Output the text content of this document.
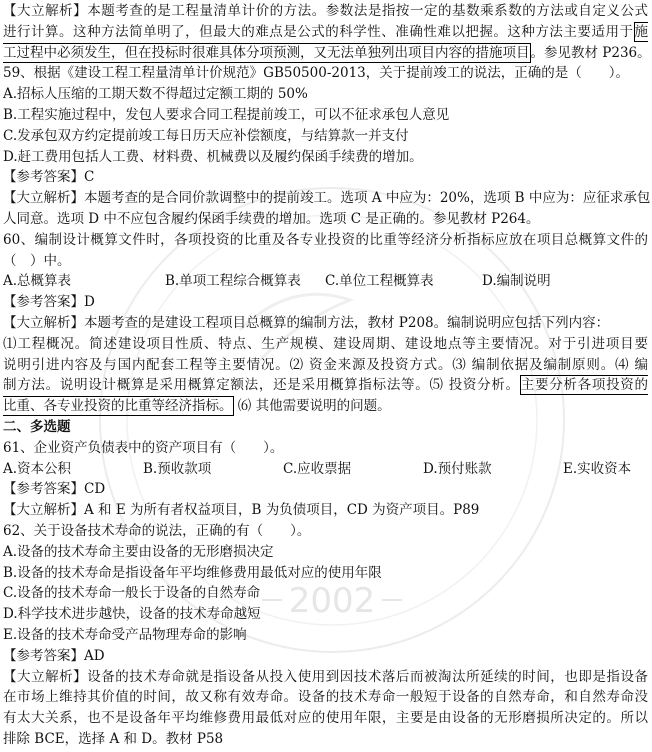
2002
【大立解析】本题考查的是工程量清单计价的方法。参数法是指按一定的基数乘系数的方法或自定义公式
进行计算。这种方法简单明了，但最大的难点是公式的科学性、准确性难以把握。这种方法主要适用于施
工过程中必须发生，但在投标时很难具体分项预测，又无法单独列出项目内容的措施项目。参见教材 P236。
59、根据《建设工程工程量清单计价规范》GB50500-2013，关于提前竣工的说法，正确的是（　　）。
A.招标人压缩的工期天数不得超过定额工期的 50%
B.工程实施过程中，发包人要求合同工程提前竣工，可以不征求承包人意见
C.发承包双方约定提前竣工每日历天应补偿额度，与结算款一并支付
D.赶工费用包括人工费、材料费、机械费以及履约保函手续费的增加。
【参考答案】C
【大立解析】本题考查的是合同价款调整中的提前竣工。选项 A 中应为：20%，选项 B 中应为：应征求承包
人同意。选项 D 中不应包含履约保函手续费的增加。选项 C 是正确的。参见教材 P264。
60、编制设计概算文件时，各项投资的比重及各专业投资的比重等经济分析指标应放在项目总概算文件的
（　）中。
A.总概算表	B.单项工程综合概算表 C.单位工程概算表	D.编制说明
【参考答案】D
【大立解析】本题考查的是建设工程项目总概算的编制方法，教材 P208。编制说明应包括下列内容：
⑴工程概况。简述建设项目性质、特点、生产规模、建设周期、建设地点等主要情况。对于引进项目要
说明引进内容及与国内配套工程等主要情况。⑵ 资金来源及投资方式。⑶ 编制依据及编制原则。⑷ 编
制方法。说明设计概算是采用概算定额法，还是采用概算指标法等。⑸ 投资分析。主要分析各项投资的
比重、各专业投资的比重等经济指标。 ⑹ 其他需要说明的问题。
二、多选题
61、企业资产负债表中的资产项目有（　　）。
A.资本公积	B.预收款项	C.应收票据	D.预付账款	E.实收资本
【参考答案】CD
【大立解析】A 和 E 为所有者权益项目，B 为负债项目，CD 为资产项目。P89
62、关于设备技术寿命的说法，正确的有（　　）。
A.设备的技术寿命主要由设备的无形磨损决定
B.设备的技术寿命是指设备年平均维修费用最低对应的使用年限
C.设备的技术寿命一般长于设备的自然寿命
D.科学技术进步越快，设备的技术寿命越短
E.设备的技术寿命受产品物理寿命的影响
【参考答案】AD
【大立解析】设备的技术寿命就是指设备从投入使用到因技术落后而被淘汰所延续的时间，也即是指设备
在市场上维持其价值的时间，故又称有效寿命。设备的技术寿命一般短于设备的自然寿命，和自然寿命没
有太大关系，也不是设备年平均维修费用最低对应的使用年限，主要是由设备的无形磨损所决定的。所以
排除 BCE，选择 A 和 D。教材 P58
